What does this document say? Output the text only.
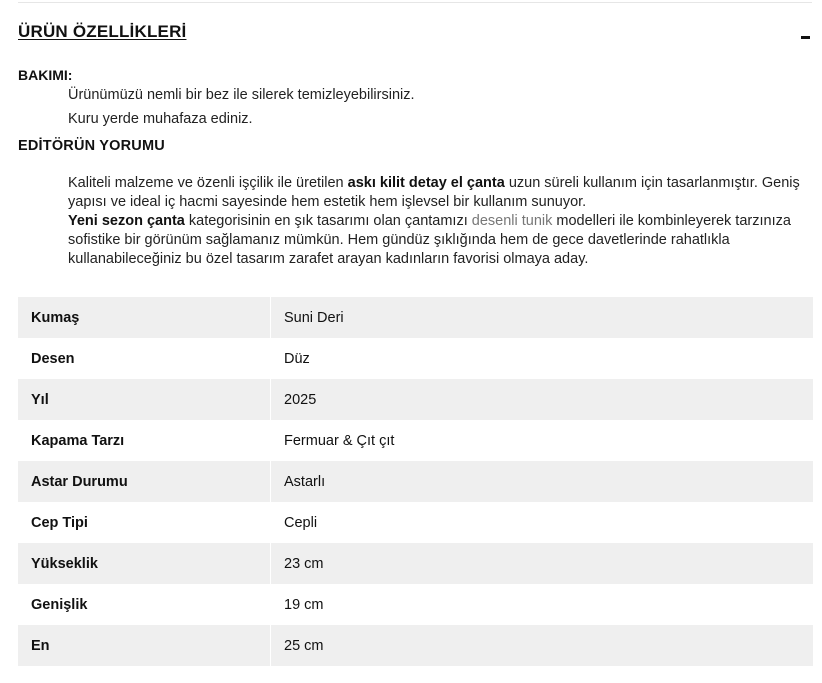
ÜRÜN ÖZELLİKLERİ
BAKIMI:
Ürünümüzü nemli bir bez ile silerek temizleyebilirsiniz.
Kuru yerde muhafaza ediniz.
EDİTÖRÜN YORUMU
Kaliteli malzeme ve özenli işçilik ile üretilen askı kilit detay el çanta uzun süreli kullanım için tasarlanmıştır. Geniş yapısı ve ideal iç hacmi sayesinde hem estetik hem işlevsel bir kullanım sunuyor.
Yeni sezon çanta kategorisinin en şık tasarımı olan çantamızı desenli tunik modelleri ile kombinleyerek tarzınıza sofistike bir görünüm sağlamanız mümkün. Hem gündüz şıklığında hem de gece davetlerinde rahatlıkla kullanabileceğiniz bu özel tasarım zarafet arayan kadınların favorisi olmaya aday.
Kumaş	Suni Deri
Desen	Düz
Yıl	2025
Kapama Tarzı	Fermuar & Çıt çıt
Astar Durumu	Astarlı
Cep Tipi	Cepli
Yükseklik	23 cm
Genişlik	19 cm
En	25 cm
